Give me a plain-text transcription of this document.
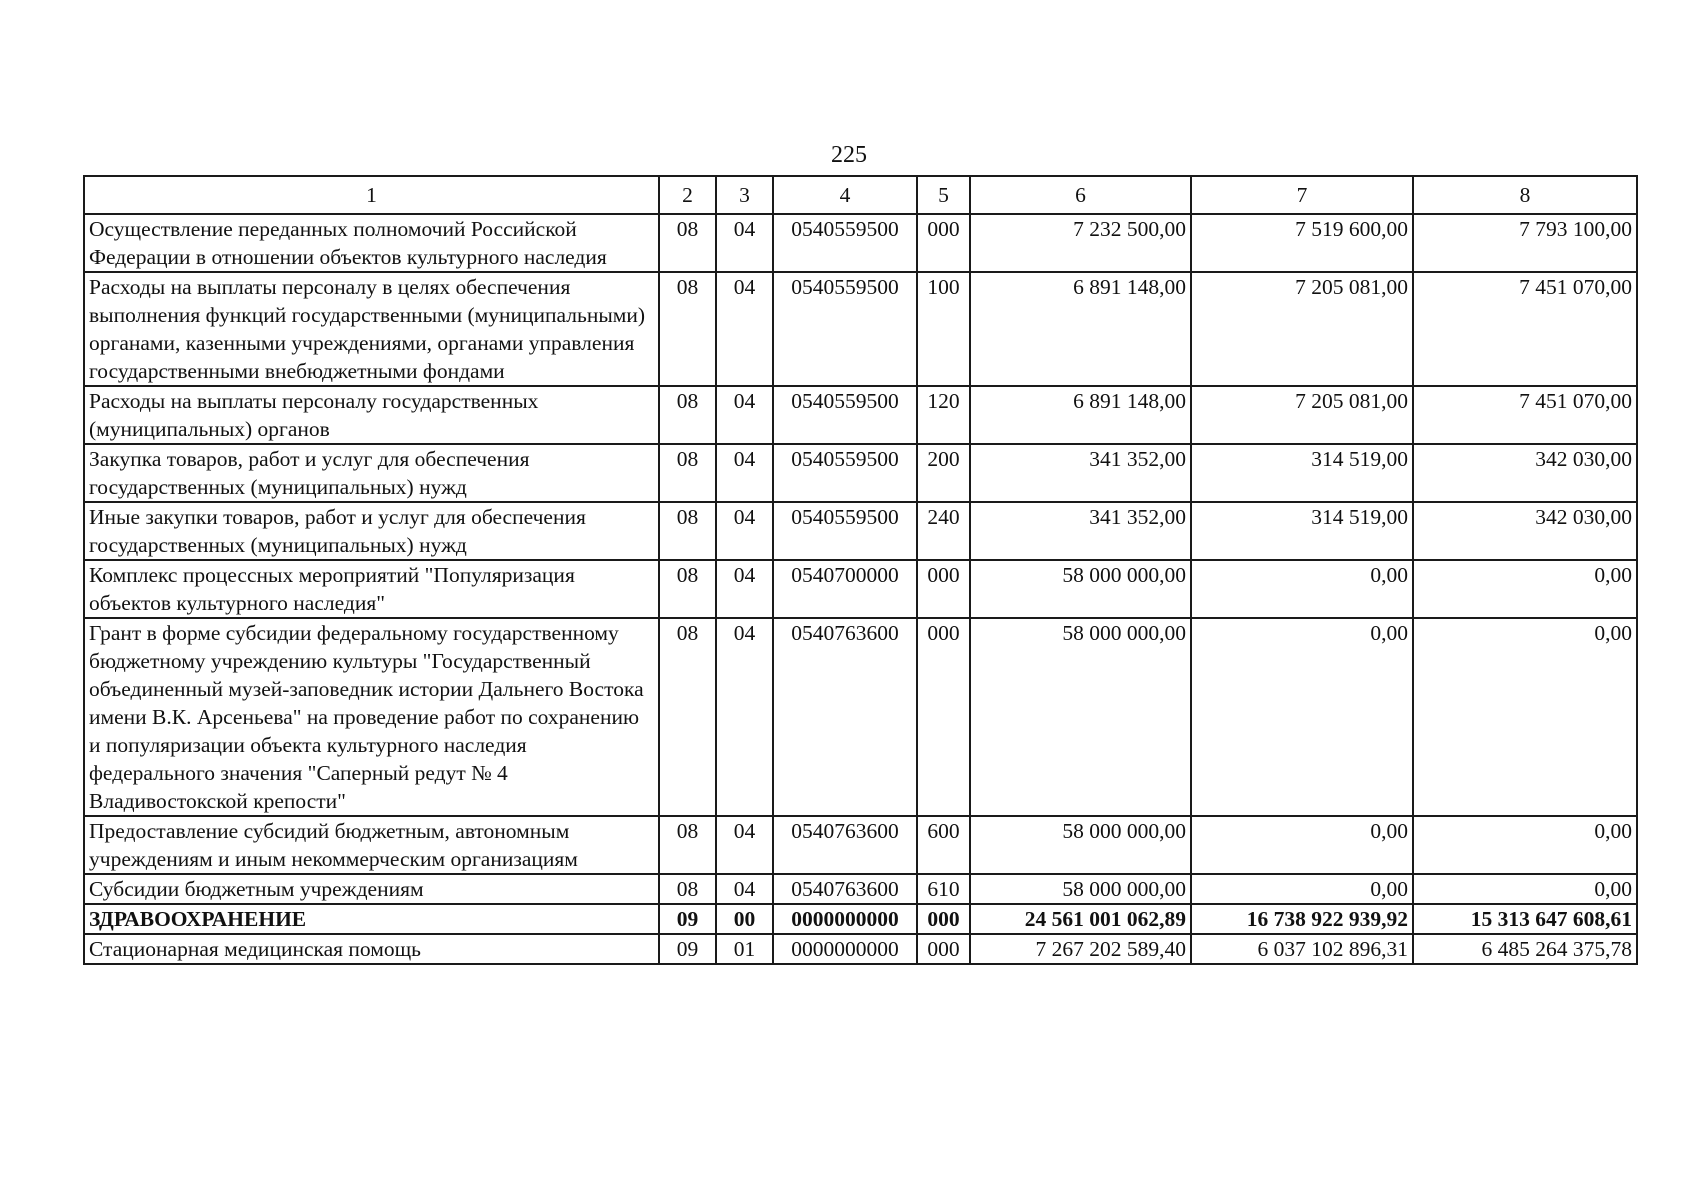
225
1	2	3	4	5	6	7	8
Осуществление переданных полномочий Российской Федерации в отношении объектов культурного наследия	08	04	0540559500	000	7 232 500,00	7 519 600,00	7 793 100,00
Расходы на выплаты персоналу в целях обеспечения выполнения функций государственными (муниципальными) органами, казенными учреждениями, органами управления государственными внебюджетными фондами	08	04	0540559500	100	6 891 148,00	7 205 081,00	7 451 070,00
Расходы на выплаты персоналу государственных (муниципальных) органов	08	04	0540559500	120	6 891 148,00	7 205 081,00	7 451 070,00
Закупка товаров, работ и услуг для обеспечения государственных (муниципальных) нужд	08	04	0540559500	200	341 352,00	314 519,00	342 030,00
Иные закупки товаров, работ и услуг для обеспечения государственных (муниципальных) нужд	08	04	0540559500	240	341 352,00	314 519,00	342 030,00
Комплекс процессных мероприятий "Популяризация объектов культурного наследия"	08	04	0540700000	000	58 000 000,00	0,00	0,00
Грант в форме субсидии федеральному государственному бюджетному учреждению культуры "Государственный объединенный музей-заповедник истории Дальнего Востока имени В.К. Арсеньева" на проведение работ по сохранению и популяризации объекта культурного наследия федерального значения "Саперный редут № 4 Владивостокской крепости"	08	04	0540763600	000	58 000 000,00	0,00	0,00
Предоставление субсидий бюджетным, автономным учреждениям и иным некоммерческим организациям	08	04	0540763600	600	58 000 000,00	0,00	0,00
Субсидии бюджетным учреждениям	08	04	0540763600	610	58 000 000,00	0,00	0,00
ЗДРАВООХРАНЕНИЕ	09	00	0000000000	000	24 561 001 062,89	16 738 922 939,92	15 313 647 608,61
Стационарная медицинская помощь	09	01	0000000000	000	7 267 202 589,40	6 037 102 896,31	6 485 264 375,78
